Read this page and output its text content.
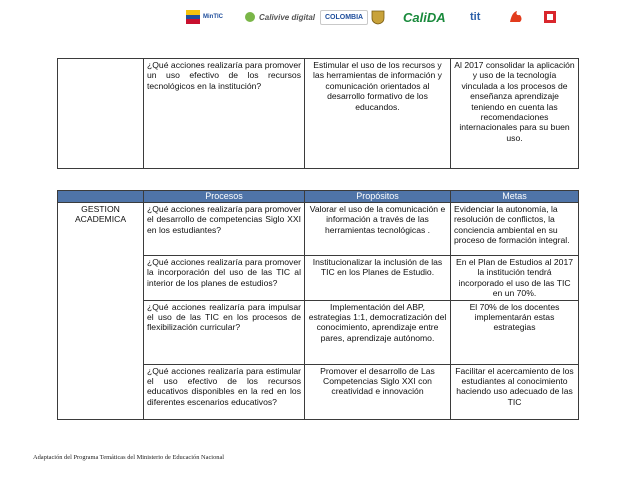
MinTIC	Calivive digital	COLOMBIA	CaliDA tit
	¿Qué acciones realizaría para promover un uso efectivo de los recursos tecnológicos en la institución?	Estimular el uso de los recursos y las herramientas de información y comunicación orientados al desarrollo formativo de los educandos.	Al 2017 consolidar la aplicación y uso de la tecnología vinculada a los procesos de enseñanza aprendizaje teniendo en cuenta las recomendaciones internacionales para su buen uso.
	Procesos	Propósitos	Metas
GESTION ACADEMICA	¿Qué acciones realizaría para promover el desarrollo de competencias Siglo XXI en los estudiantes?	Valorar el uso de la comunicación e información a través de las herramientas tecnológicas .	Evidenciar la autonomía, la resolución de conflictos, la conciencia ambiental en su proceso de formación integral.
	¿Qué acciones realizaría para promover la incorporación del uso de las TIC al interior de los planes de estudios?	Institucionalizar la inclusión de las TIC en los Planes de Estudio.	En el Plan de Estudios al 2017 la institución tendrá incorporado el uso de las TIC en un 70%.
	¿Qué acciones realizaría para impulsar el uso de las TIC en los procesos de flexibilización curricular?	Implementación del ABP, estrategias 1:1, democratización del conocimiento, aprendizaje entre pares, aprendizaje autónomo.	El 70% de los docentes implementarán estas estrategias
	¿Qué acciones realizaría para estimular el uso efectivo de los recursos educativos disponibles en la red en los diferentes escenarios educativos?	Promover el desarrollo de Las Competencias Siglo XXI con creatividad e innovación	Facilitar el acercamiento de los estudiantes al conocimiento haciendo uso adecuado de las TIC
Adaptación del Programa Temáticas del Ministerio de Educación Nacional
